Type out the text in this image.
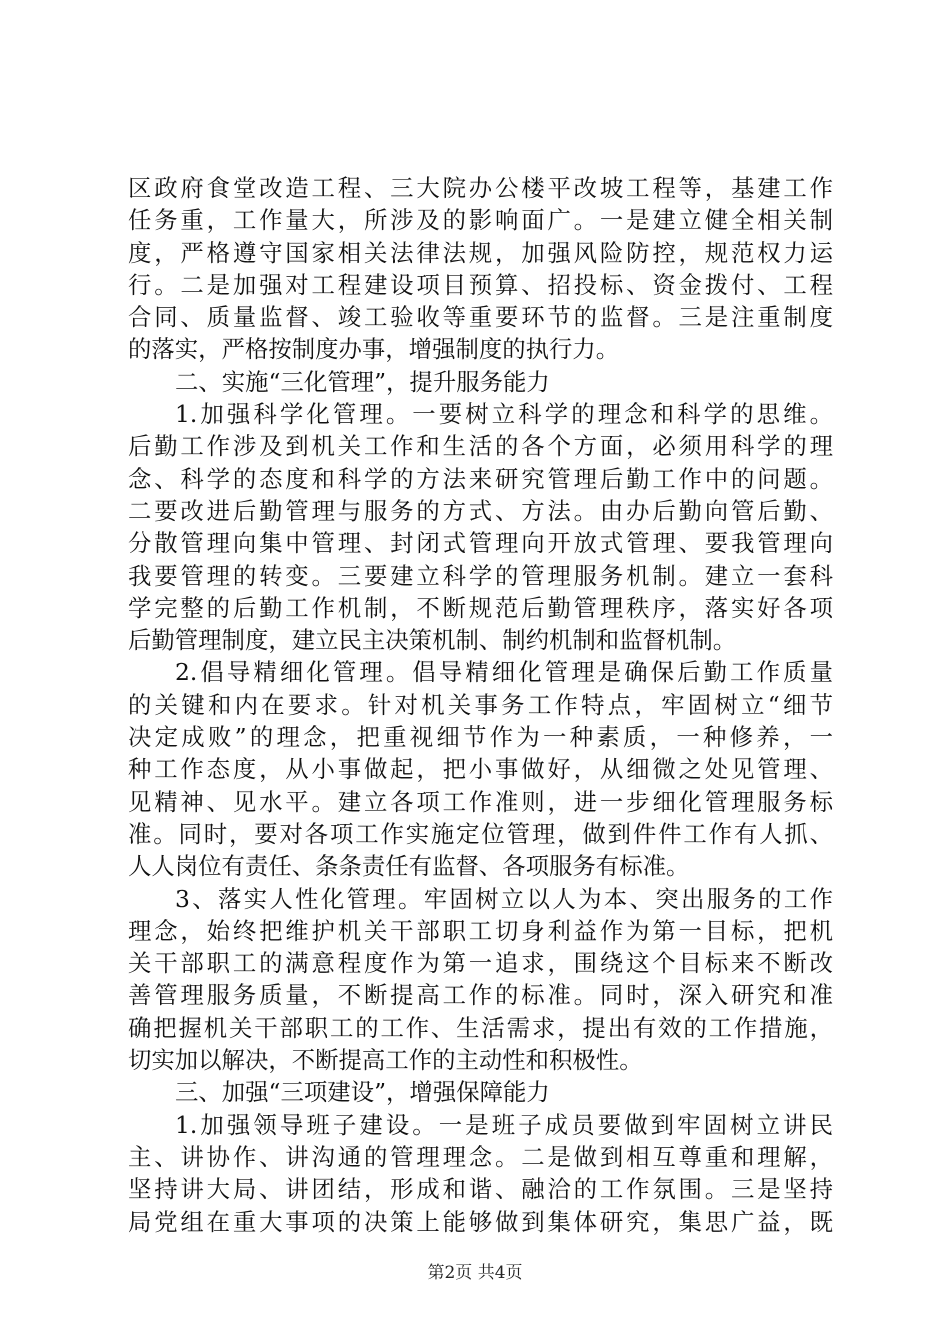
区政府食堂改造工程、三大院办公楼平改坡工程等，基建工作
任务重，工作量大，所涉及的影响面广。一是建立健全相关制
度，严格遵守国家相关法律法规，加强风险防控，规范权力运
行。二是加强对工程建设项目预算、招投标、资金拨付、工程
合同、质量监督、竣工验收等重要环节的监督。三是注重制度
的落实，严格按制度办事，增强制度的执行力。
二、实施“三化管理”，提升服务能力
1.加强科学化管理。一要树立科学的理念和科学的思维。
后勤工作涉及到机关工作和生活的各个方面，必须用科学的理
念、科学的态度和科学的方法来研究管理后勤工作中的问题。
二要改进后勤管理与服务的方式、方法。由办后勤向管后勤、
分散管理向集中管理、封闭式管理向开放式管理、要我管理向
我要管理的转变。三要建立科学的管理服务机制。建立一套科
学完整的后勤工作机制，不断规范后勤管理秩序，落实好各项
后勤管理制度，建立民主决策机制、制约机制和监督机制。
2.倡导精细化管理。倡导精细化管理是确保后勤工作质量
的关键和内在要求。针对机关事务工作特点，牢固树立“细节
决定成败”的理念，把重视细节作为一种素质，一种修养，一
种工作态度，从小事做起，把小事做好，从细微之处见管理、
见精神、见水平。建立各项工作准则，进一步细化管理服务标
准。同时，要对各项工作实施定位管理，做到件件工作有人抓、
人人岗位有责任、条条责任有监督、各项服务有标准。
3、落实人性化管理。牢固树立以人为本、突出服务的工作
理念，始终把维护机关干部职工切身利益作为第一目标，把机
关干部职工的满意程度作为第一追求，围绕这个目标来不断改
善管理服务质量，不断提高工作的标准。同时，深入研究和准
确把握机关干部职工的工作、生活需求，提出有效的工作措施，
切实加以解决，不断提高工作的主动性和积极性。
三、加强“三项建设”，增强保障能力
1.加强领导班子建设。一是班子成员要做到牢固树立讲民
主、讲协作、讲沟通的管理理念。二是做到相互尊重和理解，
坚持讲大局、讲团结，形成和谐、融洽的工作氛围。三是坚持
局党组在重大事项的决策上能够做到集体研究，集思广益，既
第2页 共4页
